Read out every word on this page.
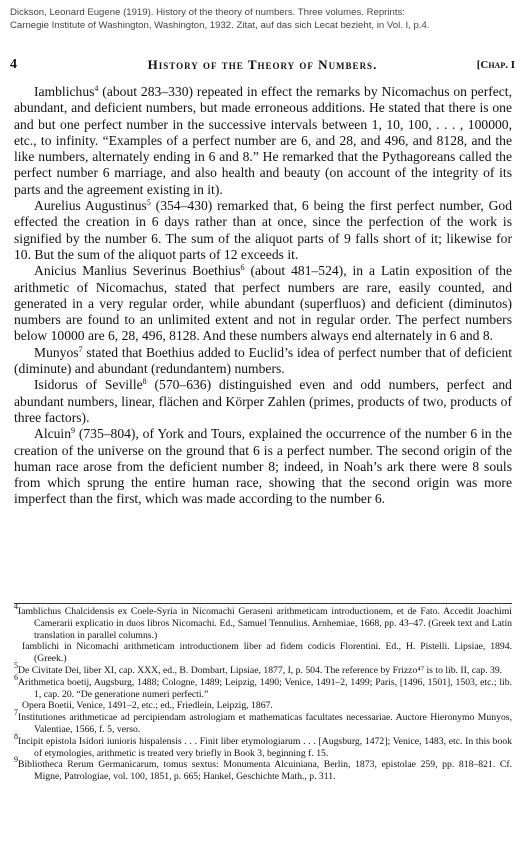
Dickson, Leonard Eugene (1919). History of the theory of numbers. Three volumes. Reprints:
Carnegie Institute of Washington, Washington, 1932. Zitat, auf das sich Lecat bezieht, in Vol. I, p.4.
4	History of the Theory of Numbers.	[Chap. I

Iamblichus$^4$ (about 283–330) repeated in effect the remarks by Nicomachus on perfect, abundant, and deficient numbers, but made erroneous additions. He stated that there is one and but one perfect number in the successive intervals between 1, 10, 100, . . . , 100000, etc., to infinity. “Examples of a perfect number are 6, and 28, and 496, and 8128, and the like numbers, alternately ending in 6 and 8.” He remarked that the Pythagoreans called the perfect number 6 marriage, and also health and beauty (on account of the integrity of its parts and the agreement existing in it).

Aurelius Augustinus$^5$ (354–430) remarked that, 6 being the first perfect number, God effected the creation in 6 days rather than at once, since the perfection of the work is signified by the number 6. The sum of the aliquot parts of 9 falls short of it; likewise for 10. But the sum of the aliquot parts of 12 exceeds it.

Anicius Manlius Severinus Boethius$^6$ (about 481–524), in a Latin exposition of the arithmetic of Nicomachus, stated that perfect numbers are rare, easily counted, and generated in a very regular order, while abundant (superfluos) and deficient (diminutos) numbers are found to an unlimited extent and not in regular order. The perfect numbers below 10000 are 6, 28, 496, 8128. And these numbers always end alternately in 6 and 8.

Munyos$^7$ stated that Boethius added to Euclid’s idea of perfect number that of deficient (diminute) and abundant (redundantem) numbers.

Isidorus of Seville$^8$ (570–636) distinguished even and odd numbers, perfect and abundant numbers, linear, flächen and Körper Zahlen (primes, products of two, products of three factors).

Alcuin$^9$ (735–804), of York and Tours, explained the occurrence of the number 6 in the creation of the universe on the ground that 6 is a perfect number. The second origin of the human race arose from the deficient number 8; indeed, in Noah’s ark there were 8 souls from which sprung the entire human race, showing that the second origin was more imperfect than the first, which was made according to the number 6.

$^4$Iamblichus Chalcidensis ex Coele-Syria in Nicomachi Geraseni arithmeticam introductionem, et de Fato. Accedit Joachimi Camerarii explicatio in duos libros Nicomachi. Ed., Samuel Tennulius. Arnhemiae, 1668, pp. 43–47. (Greek text and Latin translation in parallel columns.)

Iamblichi in Nicomachi arithmeticam introductionem liber ad fidem codicis Florentini. Ed., H. Pistelli. Lipsiae, 1894. (Greek.)

$^5$De Civitate Dei, liber XI, cap. XXX, ed., B. Dombart, Lipsiae, 1877, I, p. 504. The reference by Frizzo⁴⁷ is to lib. II, cap. 39.

$^6$Arithmetica boetij, Augsburg, 1488; Cologne, 1489; Leipzig, 1490; Venice, 1491–2, 1499; Paris, [1496, 1501], 1503, etc.; lib. 1, cap. 20. “De generatione numeri perfecti.”

Opera Boetii, Venice, 1491–2, etc.; ed., Friedlein, Leipzig, 1867.

$^7$Institutiones arithmeticae ad percipiendam astrologiam et mathematicas facultates necessariae. Auctore Hieronymo Munyos, Valentiae, 1566, f. 5, verso.

$^8$Incipit epistola Isidori iunioris hispalensis . . . Finit liber etymologiarum . . . [Augsburg, 1472]; Venice, 1483, etc. In this book of etymologies, arithmetic is treated very briefly in Book 3, beginning f. 15.

$^9$Bibliotheca Rerum Germanicarum, tomus sextus: Monumenta Alcuiniana, Berlin, 1873, epistolae 259, pp. 818–821. Cf. Migne, Patrologiae, vol. 100, 1851, p. 665; Hankel, Geschichte Math., p. 311.
